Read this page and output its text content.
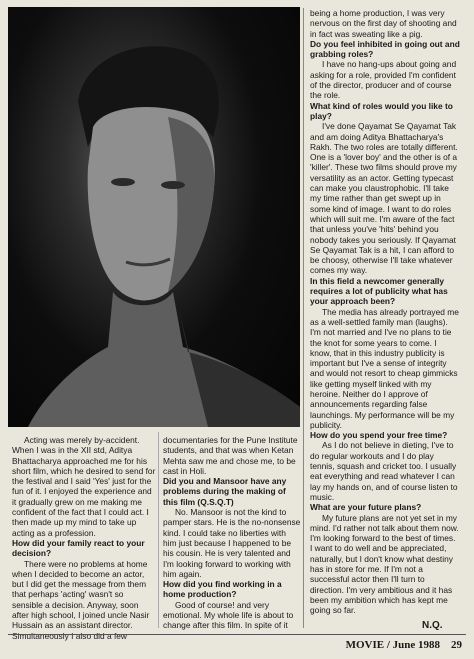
Acting was merely by-accident. When I was in the XII std, Aditya Bhattacharya approached me for his short film, which he desired to send for the festival and I said 'Yes' just for the fun of it. I enjoyed the experience and it gradually grew on me making me confident of the fact that I could act. I then made up my mind to take up acting as a profession.

How did your family react to your decision?

There were no problems at home when I decided to become an actor, but I did get the message from them that perhaps 'acting' wasn't so sensible a decision. Anyway, soon after high school, I joined uncle Nasir Hussain as an assistant director. Simultaneously I also did a few

documentaries for the Pune Institute students, and that was when Ketan Mehta saw me and chose me, to be cast in Holi.

Did you and Mansoor have any problems during the making of this film (Q.S.Q.T)

No. Mansoor is not the kind to pamper stars. He is the no-nonsense kind. I could take no liberties with him just because I happened to be his cousin. He is very talented and I'm looking forward to working with him again.

How did you find working in a home production?

Good of course! and very emotional. My whole life is about to change after this film. In spite of it

being a home production, I was very nervous on the first day of shooting and in fact was sweating like a pig.

Do you feel inhibited in going out and grabbing roles?

I have no hang-ups about going and asking for a role, provided I'm confident of the director, producer and of course the role.

What kind of roles would you like to play?

I've done Qayamat Se Qayamat Tak and am doing Aditya Bhattacharya's Rakh. The two roles are totally different. One is a 'lover boy' and the other is of a 'killer'. These two films should prove my versatility as an actor. Getting typecast can make you claustrophobic. I'll take my time rather than get swept up in some kind of image. I want to do roles which will suit me. I'm aware of the fact that unless you've 'hits' behind you nobody takes you seriously. If Qayamat Se Qayamat Tak is a hit, I can afford to be choosy, otherwise I'll take whatever comes my way.

In this field a newcomer generally requires a lot of publicity what has your approach been?

The media has already portrayed me as a well-settled family man (laughs). I'm not married and I've no plans to tie the knot for some years to come. I know, that in this industry publicity is important but I've a sense of integrity and would not resort to cheap gimmicks like getting myself linked with my heroine. Neither do I approve of announcements regarding false launchings. My performance will be my publicity.

How do you spend your free time?

As I do not believe in dieting, I've to do regular workouts and I do play tennis, squash and cricket too. I usually eat everything and read whatever I can lay my hands on, and of course listen to music.

What are your future plans?

My future plans are not yet set in my mind. I'd rather not talk about them now. I'm looking forward to the best of times. I want to do well and be appreciated, naturally, but I don't know what destiny has in store for me. If I'm not a successful actor then I'll turn to direction. I'm very ambitious and it has been my ambition which has kept me going so far.

N.Q.
MOVIE / June 1988 29
